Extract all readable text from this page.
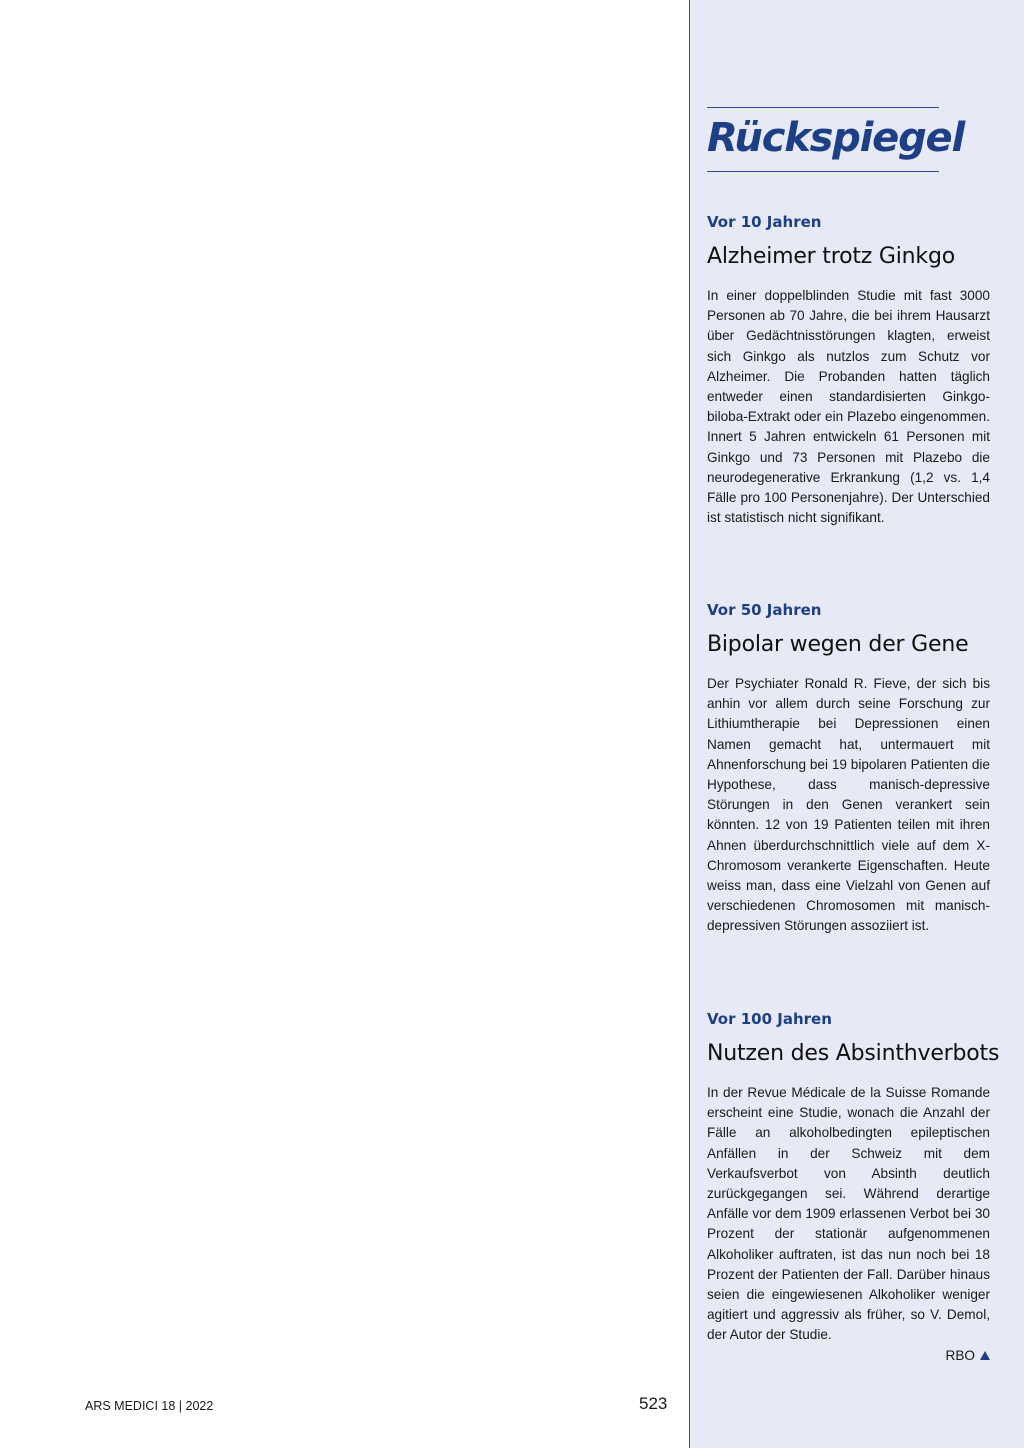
Rückspiegel

Vor 10 Jahren

Alzheimer trotz Ginkgo

In einer doppelblinden Studie mit fast 3000 Personen ab 70 Jahre, die bei ihrem Hausarzt über Gedächtnisstörungen klagten, erweist sich Ginkgo als nutzlos zum Schutz vor Alzheimer. Die Probanden hatten täglich entweder einen standardisierten Ginkgo-biloba-Extrakt oder ein Plazebo eingenommen. Innert 5 Jahren entwickeln 61 Personen mit Ginkgo und 73 Personen mit Plazebo die neurodegenerative Erkrankung (1,2 vs. 1,4 Fälle pro 100 Personenjahre). Der Unterschied ist statistisch nicht signifikant.

Vor 50 Jahren

Bipolar wegen der Gene

Der Psychiater Ronald R. Fieve, der sich bis anhin vor allem durch seine Forschung zur Lithiumtherapie bei Depressionen einen Namen gemacht hat, untermauert mit Ahnenforschung bei 19 bipolaren Patienten die Hypothese, dass manisch-depressive Störungen in den Genen verankert sein könnten. 12 von 19 Patienten teilen mit ihren Ahnen überdurchschnittlich viele auf dem X-Chromosom verankerte Eigenschaften. Heute weiss man, dass eine Vielzahl von Genen auf verschiedenen Chromosomen mit manisch-depressiven Störungen assoziiert ist.

Vor 100 Jahren

Nutzen des Absinthverbots

In der Revue Médicale de la Suisse Romande erscheint eine Studie, wonach die Anzahl der Fälle an alkoholbedingten epileptischen Anfällen in der Schweiz mit dem Verkaufsverbot von Absinth deutlich zurückgegangen sei. Während derartige Anfälle vor dem 1909 erlassenen Verbot bei 30 Prozent der stationär aufgenommenen Alkoholiker auftraten, ist das nun noch bei 18 Prozent der Patienten der Fall. Darüber hinaus seien die eingewiesenen Alkoholiker weniger agitiert und aggressiv als früher, so V. Demol, der Autor der Studie.

RBO

ARS MEDICI 18 | 2022	523
